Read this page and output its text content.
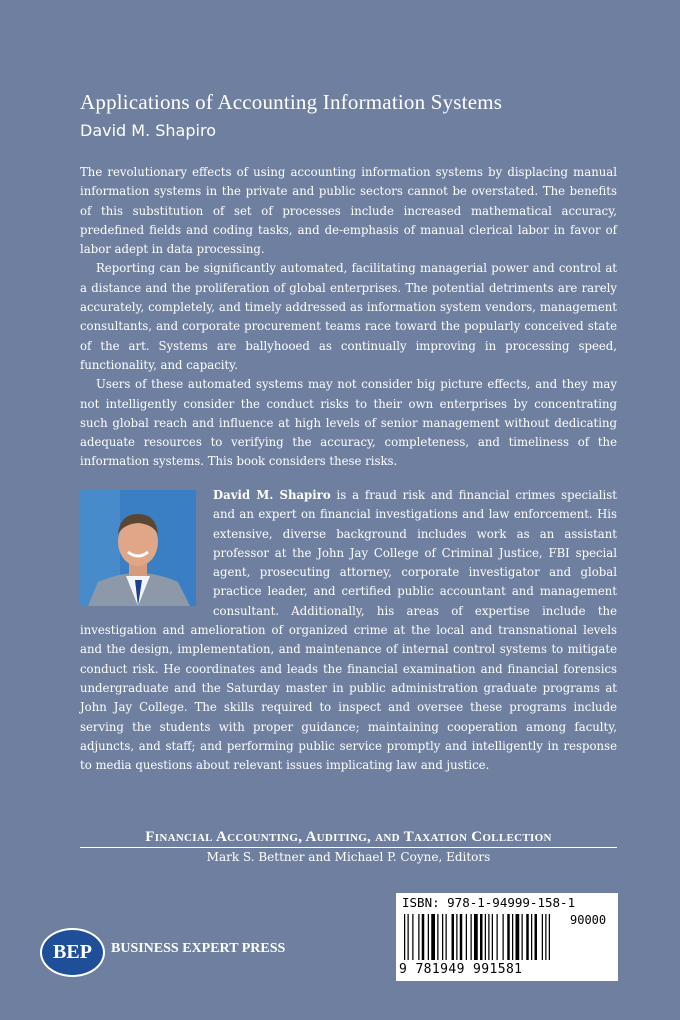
Applications of Accounting Information Systems
David M. Shapiro

The revolutionary effects of using accounting information systems by displacing manual information systems in the private and public sectors cannot be overstated. The benefits of this substitution of set of processes include increased mathematical accuracy, predefined fields and coding tasks, and de-emphasis of manual clerical labor in favor of labor adept in data processing.

Reporting can be significantly automated, facilitating managerial power and control at a distance and the proliferation of global enterprises. The potential detriments are rarely accurately, completely, and timely addressed as information system vendors, management consultants, and corporate procurement teams race toward the popularly conceived state of the art. Systems are ballyhooed as continually improving in processing speed, functionality, and capacity.

Users of these automated systems may not consider big picture effects, and they may not intelligently consider the conduct risks to their own enterprises by concentrating such global reach and influence at high levels of senior management without dedicating adequate resources to verifying the accuracy, completeness, and timeliness of the information systems. This book considers these risks.

David M. Shapiro is a fraud risk and financial crimes specialist and an expert on financial investigations and law enforcement. His extensive, diverse background includes work as an assistant professor at the John Jay College of Criminal Justice, FBI special agent, prosecuting attorney, corporate investigator and global practice leader, and certified public accountant and management consultant. Additionally, his areas of expertise include the investigation and amelioration of organized crime at the local and transnational levels and the design, implementation, and maintenance of internal control systems to mitigate conduct risk. He coordinates and leads the financial examination and financial forensics undergraduate and the Saturday master in public administration graduate programs at John Jay College. The skills required to inspect and oversee these programs include serving the students with proper guidance; maintaining cooperation among faculty, adjuncts, and staff; and performing public service promptly and intelligently in response to media questions about relevant issues implicating law and justice.
Financial Accounting, Auditing, and Taxation Collection
Mark S. Bettner and Michael P. Coyne, Editors
BEP	BUSINESS EXPERT PRESS
ISBN: 978-1-94999-158-1
90000
9 781949 991581
